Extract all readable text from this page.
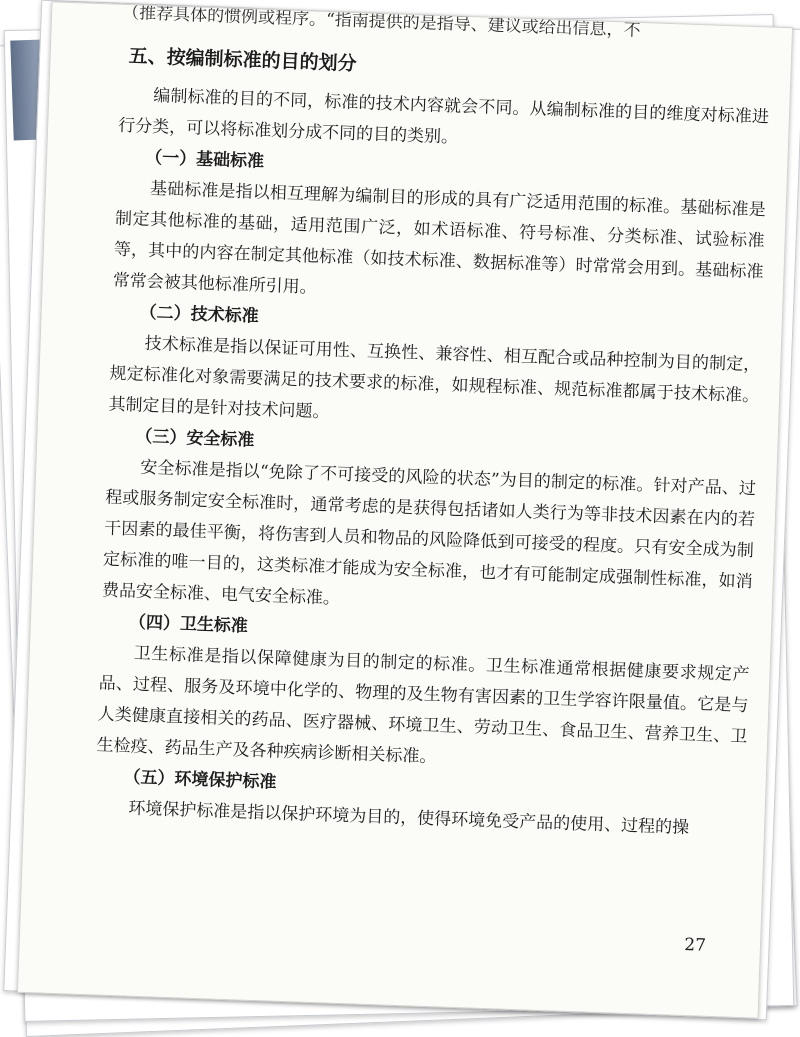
（推荐具体的惯例或程序。“指南提供的是指导、建议或给出信息，不

五、按编制标准的目的划分

编制标准的目的不同，标准的技术内容就会不同。从编制标准的目的维度对标准进行分类，可以将标准划分成不同的目的类别。

（一）基础标准

基础标准是指以相互理解为编制目的形成的具有广泛适用范围的标准。基础标准是制定其他标准的基础，适用范围广泛，如术语标准、符号标准、分类标准、试验标准等，其中的内容在制定其他标准（如技术标准、数据标准等）时常常会用到。基础标准常常会被其他标准所引用。

（二）技术标准

技术标准是指以保证可用性、互换性、兼容性、相互配合或品种控制为目的制定，规定标准化对象需要满足的技术要求的标准，如规程标准、规范标准都属于技术标准。其制定目的是针对技术问题。

（三）安全标准

安全标准是指以“免除了不可接受的风险的状态”为目的制定的标准。针对产品、过程或服务制定安全标准时，通常考虑的是获得包括诸如人类行为等非技术因素在内的若干因素的最佳平衡，将伤害到人员和物品的风险降低到可接受的程度。只有安全成为制定标准的唯一目的，这类标准才能成为安全标准，也才有可能制定成强制性标准，如消费品安全标准、电气安全标准。

（四）卫生标准

卫生标准是指以保障健康为目的制定的标准。卫生标准通常根据健康要求规定产品、过程、服务及环境中化学的、物理的及生物有害因素的卫生学容许限量值。它是与人类健康直接相关的药品、医疗器械、环境卫生、劳动卫生、食品卫生、营养卫生、卫生检疫、药品生产及各种疾病诊断相关标准。

（五）环境保护标准

环境保护标准是指以保护环境为目的，使得环境免受产品的使用、过程的操

27
